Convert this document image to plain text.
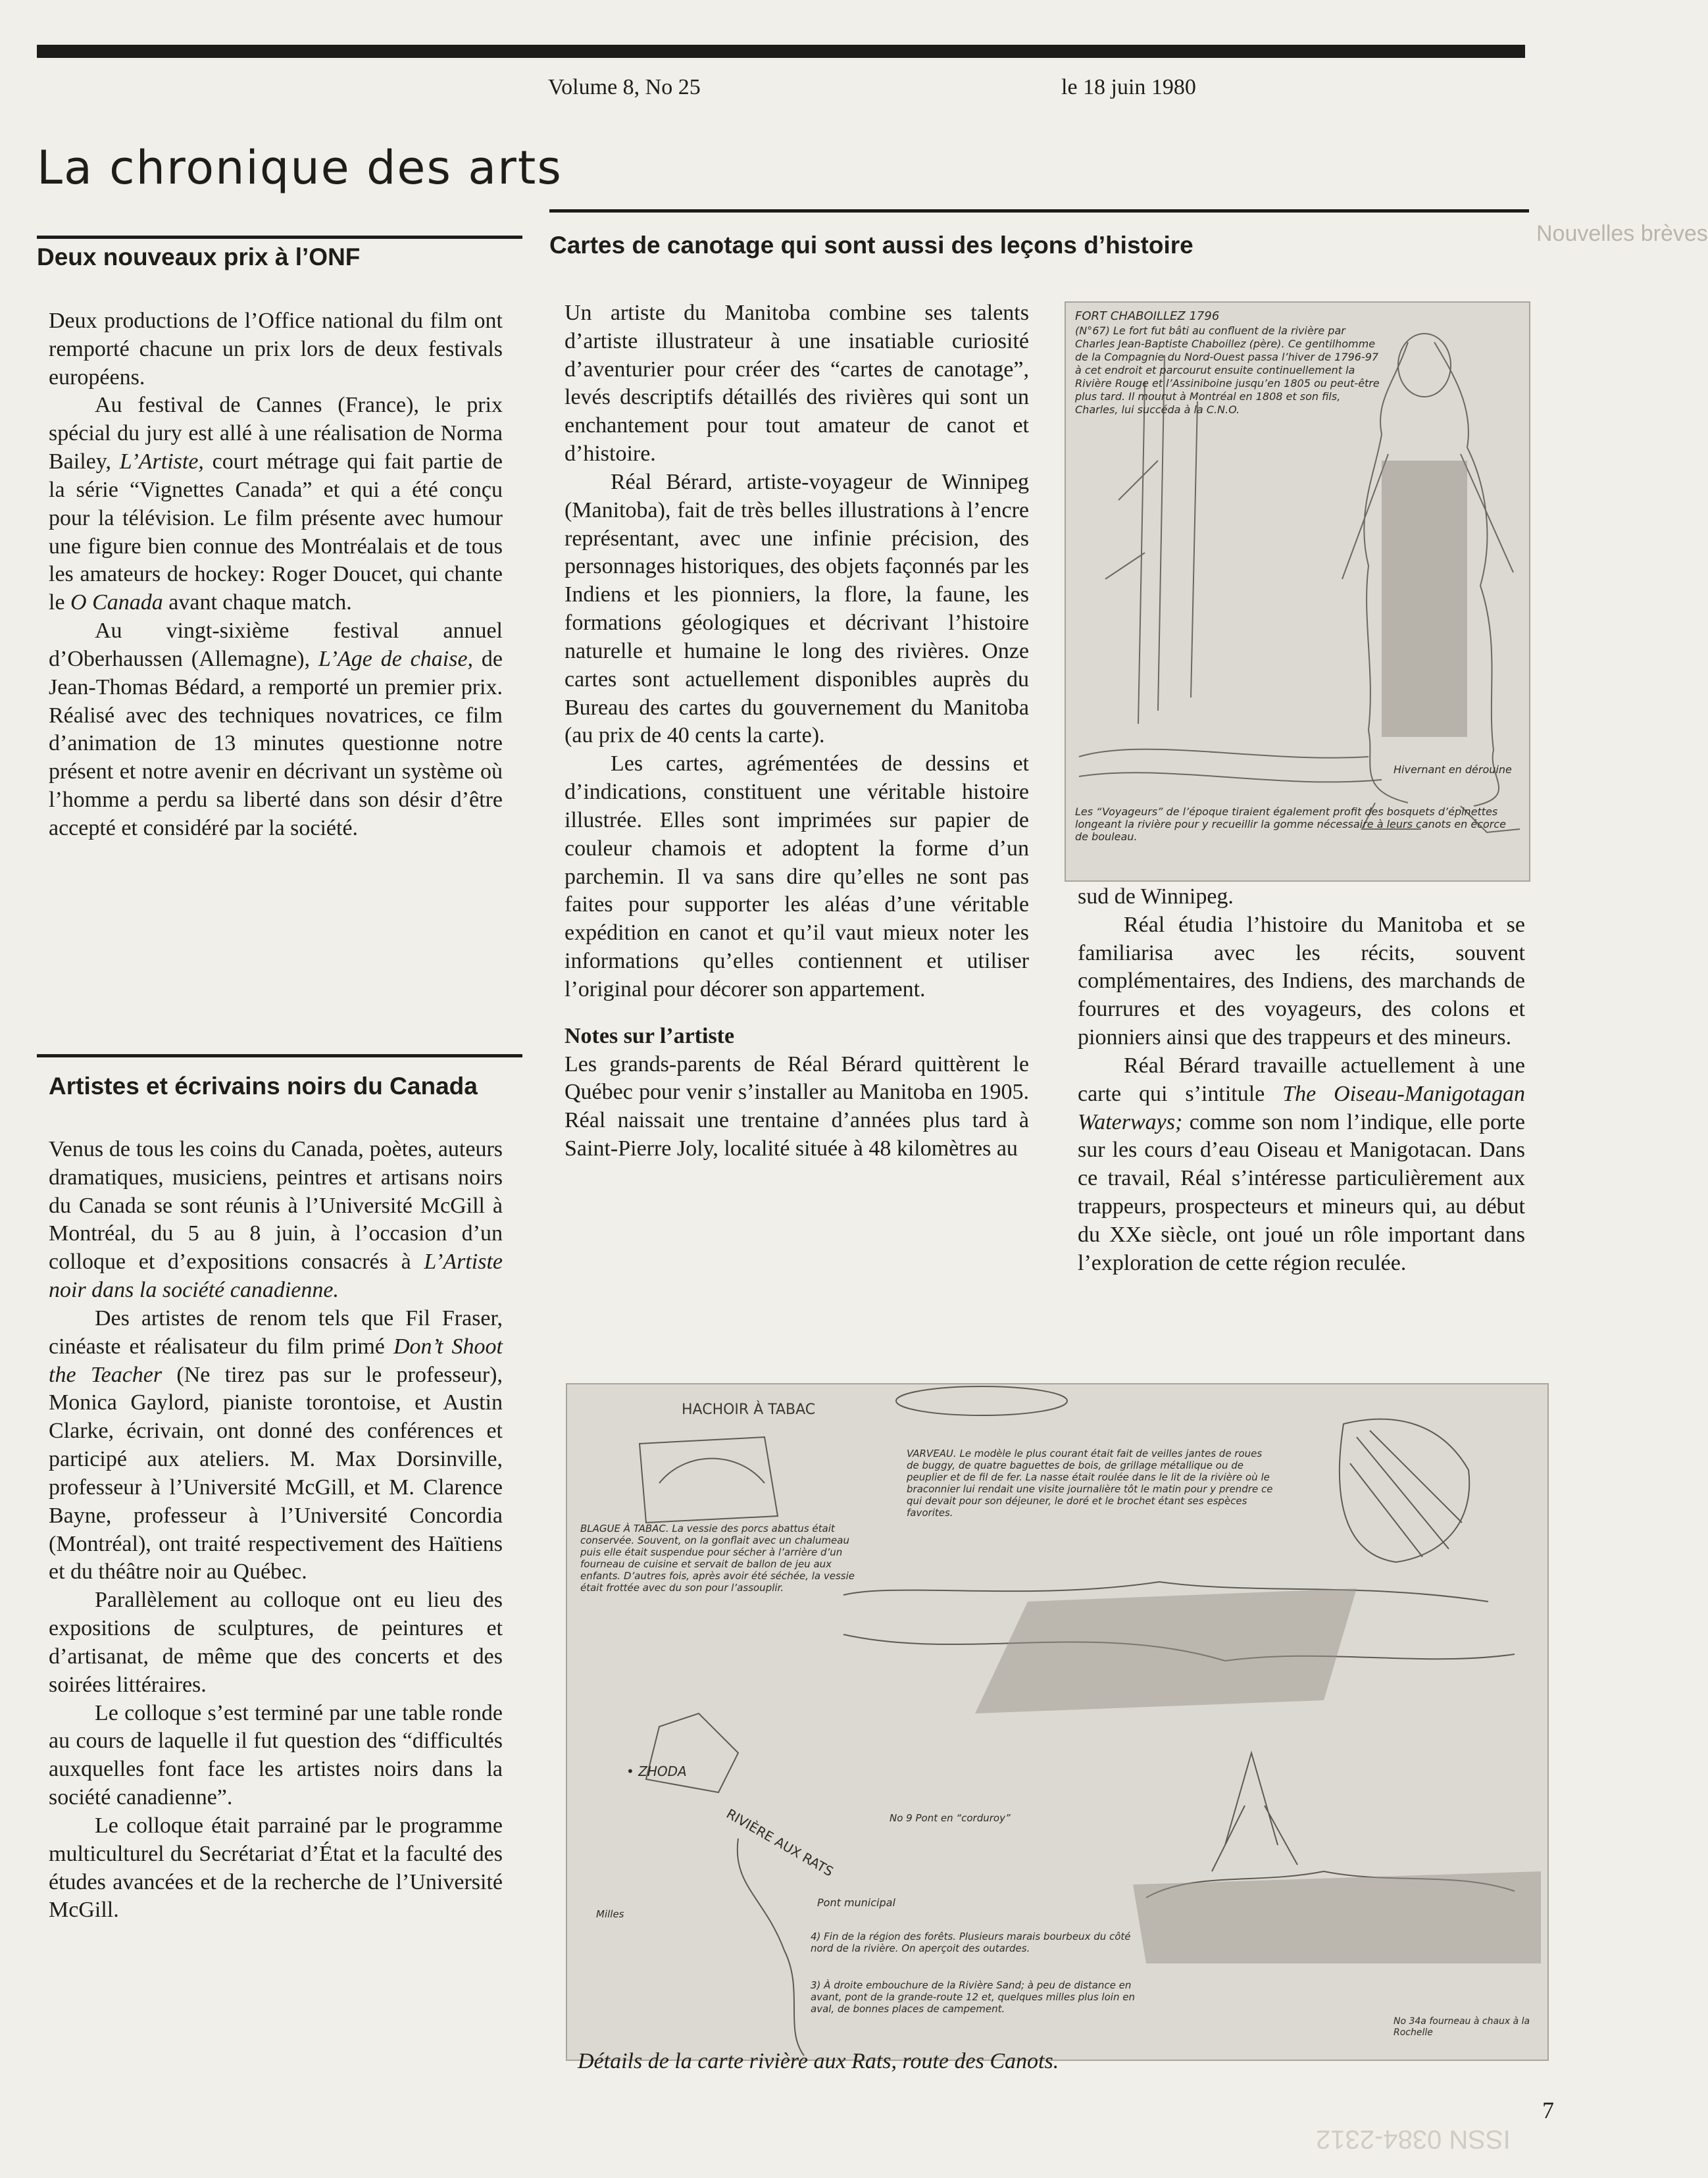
Volume 8, No 25	le 18 juin 1980
La chronique des arts
Nouvelles brèves
ISSN 0384-2312
Deux nouveaux prix à l’ONF

Deux productions de l’Office national du film ont remporté chacune un prix lors de deux festivals européens.

Au festival de Cannes (France), le prix spécial du jury est allé à une réalisation de Norma Bailey, L’Artiste, court métrage qui fait partie de la série “Vignettes Canada” et qui a été conçu pour la télévision. Le film présente avec humour une figure bien connue des Montréalais et de tous les amateurs de hockey: Roger Doucet, qui chante le O Canada avant chaque match.

Au vingt-sixième festival annuel d’Oberhaussen (Allemagne), L’Age de chaise, de Jean-Thomas Bédard, a remporté un premier prix. Réalisé avec des techniques novatrices, ce film d’animation de 13 minutes questionne notre présent et notre avenir en décrivant un système où l’homme a perdu sa liberté dans son désir d’être accepté et considéré par la société.

Artistes et écrivains noirs du Canada

Venus de tous les coins du Canada, poètes, auteurs dramatiques, musiciens, peintres et artisans noirs du Canada se sont réunis à l’Université McGill à Montréal, du 5 au 8 juin, à l’occasion d’un colloque et d’expositions consacrés à L’Artiste noir dans la société canadienne.

Des artistes de renom tels que Fil Fraser, cinéaste et réalisateur du film primé Don’t Shoot the Teacher (Ne tirez pas sur le professeur), Monica Gaylord, pianiste torontoise, et Austin Clarke, écrivain, ont donné des conférences et participé aux ateliers. M. Max Dorsinville, professeur à l’Université McGill, et M. Clarence Bayne, professeur à l’Université Concordia (Montréal), ont traité respectivement des Haïtiens et du théâtre noir au Québec.

Parallèlement au colloque ont eu lieu des expositions de sculptures, de peintures et d’artisanat, de même que des concerts et des soirées littéraires.

Le colloque s’est terminé par une table ronde au cours de laquelle il fut question des “difficultés auxquelles font face les artistes noirs dans la société canadienne”.

Le colloque était parrainé par le programme multiculturel du Secrétariat d’État et la faculté des études avancées et de la recherche de l’Université McGill.

Cartes de canotage qui sont aussi des leçons d’histoire

Un artiste du Manitoba combine ses talents d’artiste illustrateur à une insatiable curiosité d’aventurier pour créer des “cartes de canotage”, levés descriptifs détaillés des rivières qui sont un enchantement pour tout amateur de canot et d’histoire.

Réal Bérard, artiste-voyageur de Winnipeg (Manitoba), fait de très belles illustrations à l’encre représentant, avec une infinie précision, des personnages historiques, des objets façonnés par les Indiens et les pionniers, la flore, la faune, les formations géologiques et décrivant l’histoire naturelle et humaine le long des rivières. Onze cartes sont actuellement disponibles auprès du Bureau des cartes du gouvernement du Manitoba (au prix de 40 cents la carte).

Les cartes, agrémentées de dessins et d’indications, constituent une véritable histoire illustrée. Elles sont imprimées sur papier de couleur chamois et adoptent la forme d’un parchemin. Il va sans dire qu’elles ne sont pas faites pour supporter les aléas d’une véritable expédition en canot et qu’il vaut mieux noter les informations qu’elles contiennent et utiliser l’original pour décorer son appartement.

Notes sur l’artiste

Les grands-parents de Réal Bérard quittèrent le Québec pour venir s’installer au Manitoba en 1905. Réal naissait une trentaine d’années plus tard à Saint-Pierre Joly, localité située à 48 kilomètres au

FORT CHABOILLEZ 1796
(N°67) Le fort fut bâti au confluent de la rivière par Charles Jean-Baptiste Chaboillez (père). Ce gentilhomme de la Compagnie du Nord-Ouest passa l’hiver de 1796-97 à cet endroit et parcourut ensuite continuellement la Rivière Rouge et l’Assiniboine jusqu’en 1805 ou peut-être plus tard. Il mourut à Montréal en 1808 et son fils, Charles, lui succéda à la C.N.O.
Hivernant en dérouine
Les “Voyageurs” de l’époque tiraient également profit des bosquets d’épinettes longeant la rivière pour y recueillir la gomme nécessaire à leurs canots en écorce de bouleau.

sud de Winnipeg.

Réal étudia l’histoire du Manitoba et se familiarisa avec les récits, souvent complémentaires, des Indiens, des marchands de fourrures et des voyageurs, des colons et pionniers ainsi que des trappeurs et des mineurs.

Réal Bérard travaille actuellement à une carte qui s’intitule The Oiseau-Manigotagan Waterways; comme son nom l’indique, elle porte sur les cours d’eau Oiseau et Manigotacan. Dans ce travail, Réal s’intéresse particulièrement aux trappeurs, prospecteurs et mineurs qui, au début du XXe siècle, ont joué un rôle important dans l’exploration de cette région reculée.

HACHOIR À TABAC
VARVEAU. Le modèle le plus courant était fait de veilles jantes de roues de buggy, de quatre baguettes de bois, de grillage métallique ou de peuplier et de fil de fer. La nasse était roulée dans le lit de la rivière où le braconnier lui rendait une visite journalière tôt le matin pour y prendre ce qui devait pour son déjeuner, le doré et le brochet étant ses espèces favorites.
BLAGUE À TABAC. La vessie des porcs abattus était conservée. Souvent, on la gonflait avec un chalumeau puis elle était suspendue pour sécher à l’arrière d’un fourneau de cuisine et servait de ballon de jeu aux enfants. D’autres fois, après avoir été séchée, la vessie était frottée avec du son pour l’assouplir.
• ZHODA
RIVIÈRE AUX RATS	No 9 Pont en “corduroy”
Pont municipal
Milles
4) Fin de la région des forêts. Plusieurs marais bourbeux du côté nord de la rivière. On aperçoit des outardes.
3) À droite embouchure de la Rivière Sand; à peu de distance en avant, pont de la grande-route 12 et, quelques milles plus loin en aval, de bonnes places de campement.
No 34a fourneau à chaux à la Rochelle
Détails de la carte rivière aux Rats, route des Canots.
7
